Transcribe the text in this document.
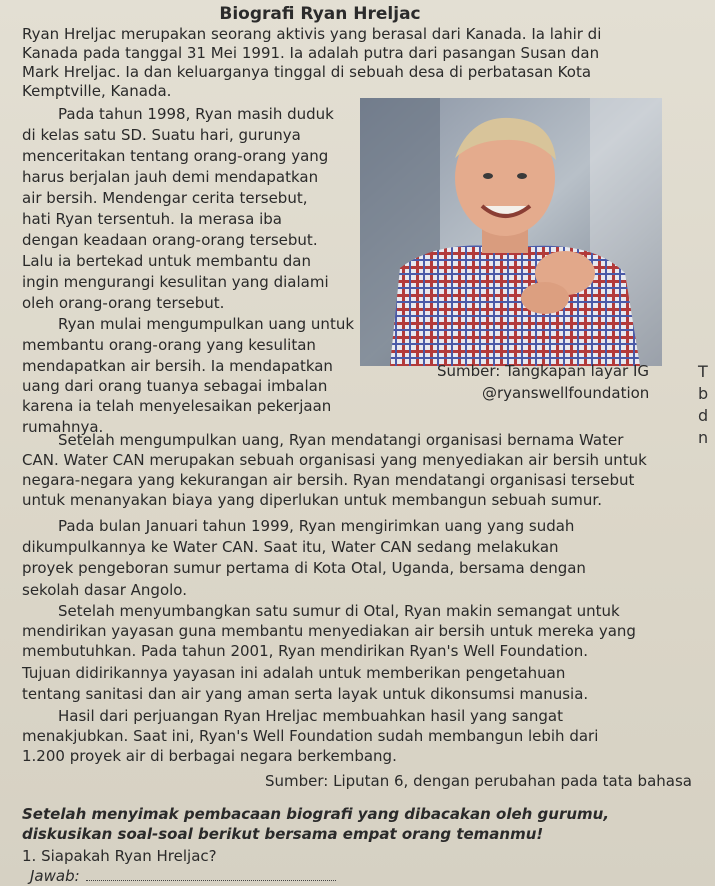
Biografi Ryan Hreljac
Ryan Hreljac merupakan seorang aktivis yang berasal dari Kanada. Ia lahir di
Kanada pada tanggal 31 Mei 1991. Ia adalah putra dari pasangan Susan dan
Mark Hreljac. Ia dan keluarganya tinggal di sebuah desa di perbatasan Kota
Kemptville, Kanada.
Pada tahun 1998, Ryan masih duduk
di kelas satu SD. Suatu hari, gurunya
menceritakan tentang orang-orang yang
harus berjalan jauh demi mendapatkan
air bersih. Mendengar cerita tersebut,
hati Ryan tersentuh. Ia merasa iba
dengan keadaan orang-orang tersebut.
Lalu ia bertekad untuk membantu dan
ingin mengurangi kesulitan yang dialami
oleh orang-orang tersebut.
Ryan mulai mengumpulkan uang untuk
membantu orang-orang yang kesulitan
mendapatkan air bersih. Ia mendapatkan
uang dari orang tuanya sebagai imbalan
karena ia telah menyelesaikan pekerjaan
rumahnya.
Sumber: Tangkapan layar IG
@ryanswellfoundation
Setelah mengumpulkan uang, Ryan mendatangi organisasi bernama Water
CAN. Water CAN merupakan sebuah organisasi yang menyediakan air bersih untuk
negara-negara yang kekurangan air bersih. Ryan mendatangi organisasi tersebut
untuk menanyakan biaya yang diperlukan untuk membangun sebuah sumur.
Pada bulan Januari tahun 1999, Ryan mengirimkan uang yang sudah
dikumpulkannya ke Water CAN. Saat itu, Water CAN sedang melakukan
proyek pengeboran sumur pertama di Kota Otal, Uganda, bersama dengan
sekolah dasar Angolo.
Setelah menyumbangkan satu sumur di Otal, Ryan makin semangat untuk
mendirikan yayasan guna membantu menyediakan air bersih untuk mereka yang
membutuhkan. Pada tahun 2001, Ryan mendirikan Ryan's Well Foundation.
Tujuan didirikannya yayasan ini adalah untuk memberikan pengetahuan
tentang sanitasi dan air yang aman serta layak untuk dikonsumsi manusia.
Hasil dari perjuangan Ryan Hreljac membuahkan hasil yang sangat
menakjubkan. Saat ini, Ryan's Well Foundation sudah membangun lebih dari
1.200 proyek air di berbagai negara berkembang.
Sumber: Liputan 6, dengan perubahan pada tata bahasa
Setelah menyimak pembacaan biografi yang dibacakan oleh gurumu,
diskusikan soal-soal berikut bersama empat orang temanmu!
1. Siapakah Ryan Hreljac?
Jawab:
T
b
d
n
